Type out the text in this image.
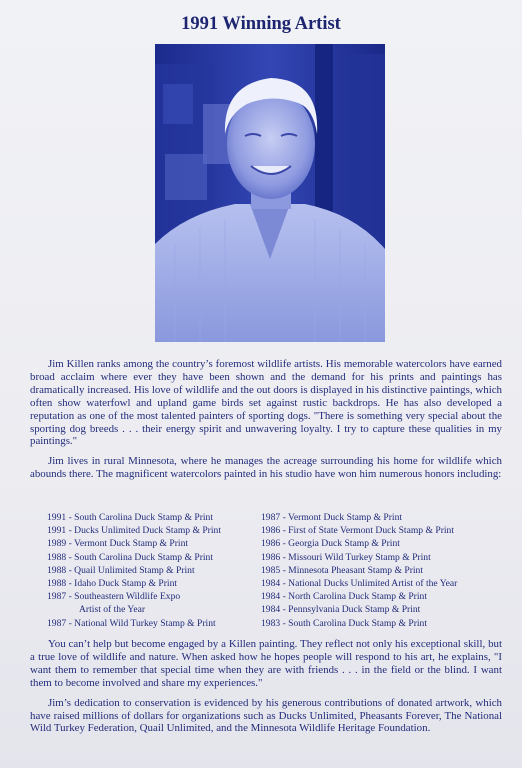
1991 Winning Artist

Jim Killen ranks among the country’s foremost wildlife artists. His memorable watercolors have earned broad acclaim where ever they have been shown and the demand for his prints and paintings has dramatically increased. His love of wildlife and the out doors is displayed in his distinctive paintings, which often show waterfowl and upland game birds set against rustic backdrops. He has also developed a reputation as one of the most talented painters of sporting dogs. "There is something very special about the sporting dog breeds . . . their energy spirit and unwavering loyalty. I try to capture these qualities in my paintings."

Jim lives in rural Minnesota, where he manages the acreage surrounding his home for wildlife which abounds there. The magnificent watercolors painted in his studio have won him numerous honors including:

1991 - South Carolina Duck Stamp & Print
1991 - Ducks Unlimited Duck Stamp & Print
1989 - Vermont Duck Stamp & Print
1988 - South Carolina Duck Stamp & Print
1988 - Quail Unlimited Stamp & Print
1988 - Idaho Duck Stamp & Print
1987 - Southeastern Wildlife Expo
Artist of the Year
1987 - National Wild Turkey Stamp & Print
1987 - Vermont Duck Stamp & Print
1986 - First of State Vermont Duck Stamp & Print
1986 - Georgia Duck Stamp & Print
1986 - Missouri Wild Turkey Stamp & Print
1985 - Minnesota Pheasant Stamp & Print
1984 - National Ducks Unlimited Artist of the Year
1984 - North Carolina Duck Stamp & Print
1984 - Pennsylvania Duck Stamp & Print
1983 - South Carolina Duck Stamp & Print

You can’t help but become engaged by a Killen painting. They reflect not only his exceptional skill, but a true love of wildlife and nature. When asked how he hopes people will respond to his art, he explains, "I want them to remember that special time when they are with friends . . . in the field or the blind. I want them to become involved and share my experiences."

Jim’s dedication to conservation is evidenced by his generous contributions of donated artwork, which have raised millions of dollars for organizations such as Ducks Unlimited, Pheasants Forever, The National Wild Turkey Federation, Quail Unlimited, and the Minnesota Wildlife Heritage Foundation.
